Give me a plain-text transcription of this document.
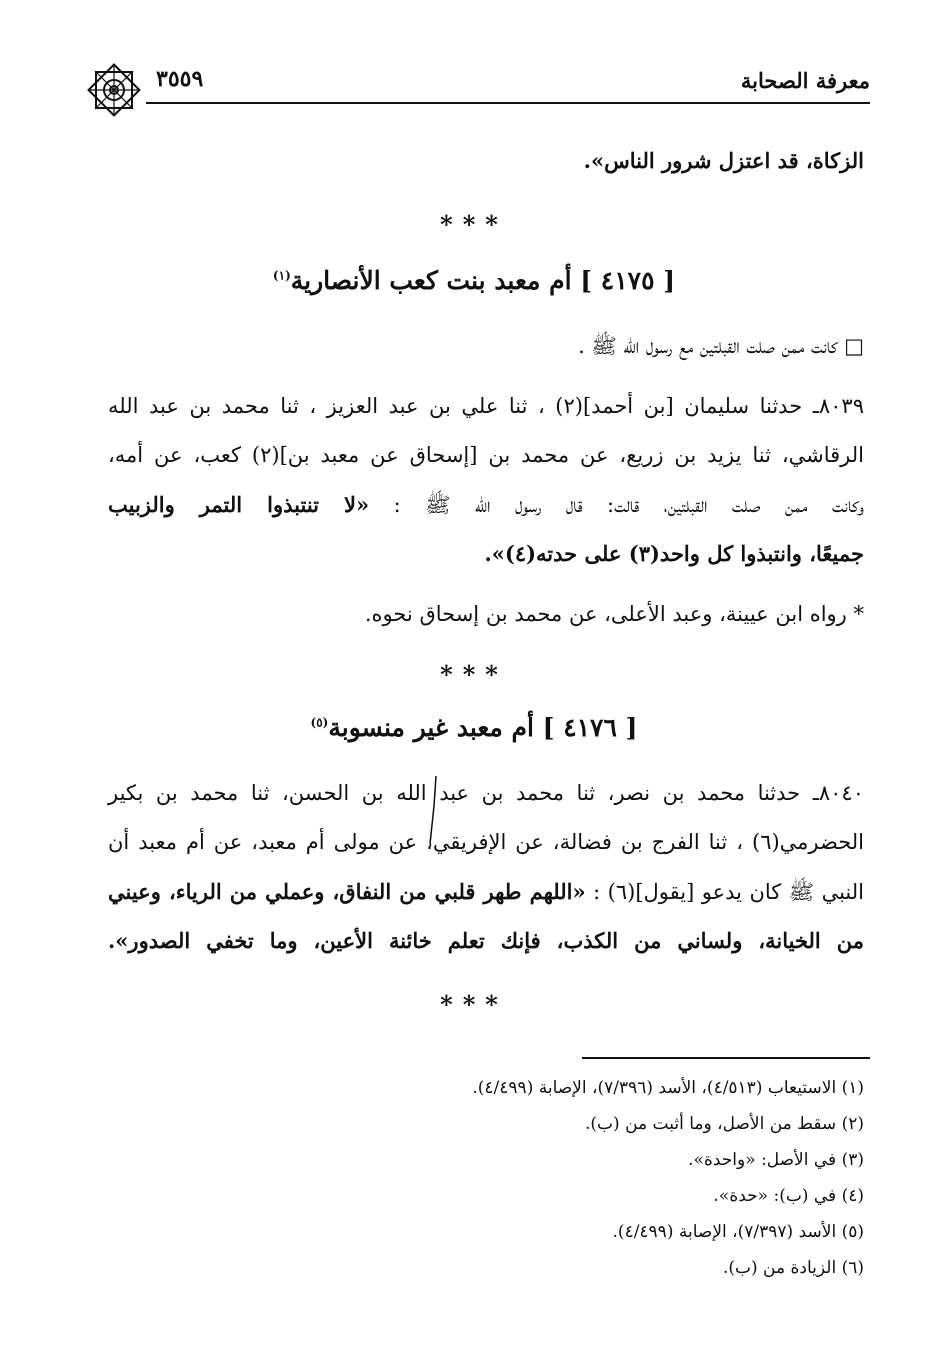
معرفة الصحابة
٣٥٥٩
الزكاة، قد اعتزل شرور الناس».
***
[ ٤١٧٥ ] أم معبد بنت كعب الأنصارية$^{(١)}$
□ كانت ممن صلت القبلتين مع رسول الله ﷺ .
٨٠٣٩ـ حدثنا سليمان [بن أحمد](٢) ، ثنا علي بن عبد العزيز ، ثنا محمد بن عبد الله
الرقاشي، ثنا يزيد بن زريع، عن محمد بن [إسحاق عن معبد بن](٢) كعب، عن أمه،
وكانت ممن صلت القبلتين، قالت: قال رسول الله ﷺ : «لا تنتبذوا التمر والزبيب
جميعًا، وانتبذوا كل واحد(٣) على حدته(٤)».
* رواه ابن عيينة، وعبد الأعلى، عن محمد بن إسحاق نحوه.
***
[ ٤١٧٦ ] أم معبد غير منسوبة$^{(٥)}$
٨٠٤٠ـ حدثنا محمد بن نصر، ثنا محمد بن عبد الله بن الحسن، ثنا محمد بن بكير
الحضرمي(٦) ، ثنا الفرج بن فضالة، عن الإفريقي، عن مولى أم معبد، عن أم معبد أن
النبي ﷺ كان يدعو [يقول](٦) : «اللهم طهر قلبي من النفاق، وعملي من الرياء، وعيني
من الخيانة، ولساني من الكذب، فإنك تعلم خائنة الأعين، وما تخفي الصدور».
***
(١) الاستيعاب (٤/٥١٣)، الأسد (٧/٣٩٦)، الإصابة (٤/٤٩٩).
(٢) سقط من الأصل، وما أثبت من (ب).
(٣) في الأصل: «واحدة».
(٤) في (ب): «حدة».
(٥) الأسد (٧/٣٩٧)، الإصابة (٤/٤٩٩).
(٦) الزيادة من (ب).
